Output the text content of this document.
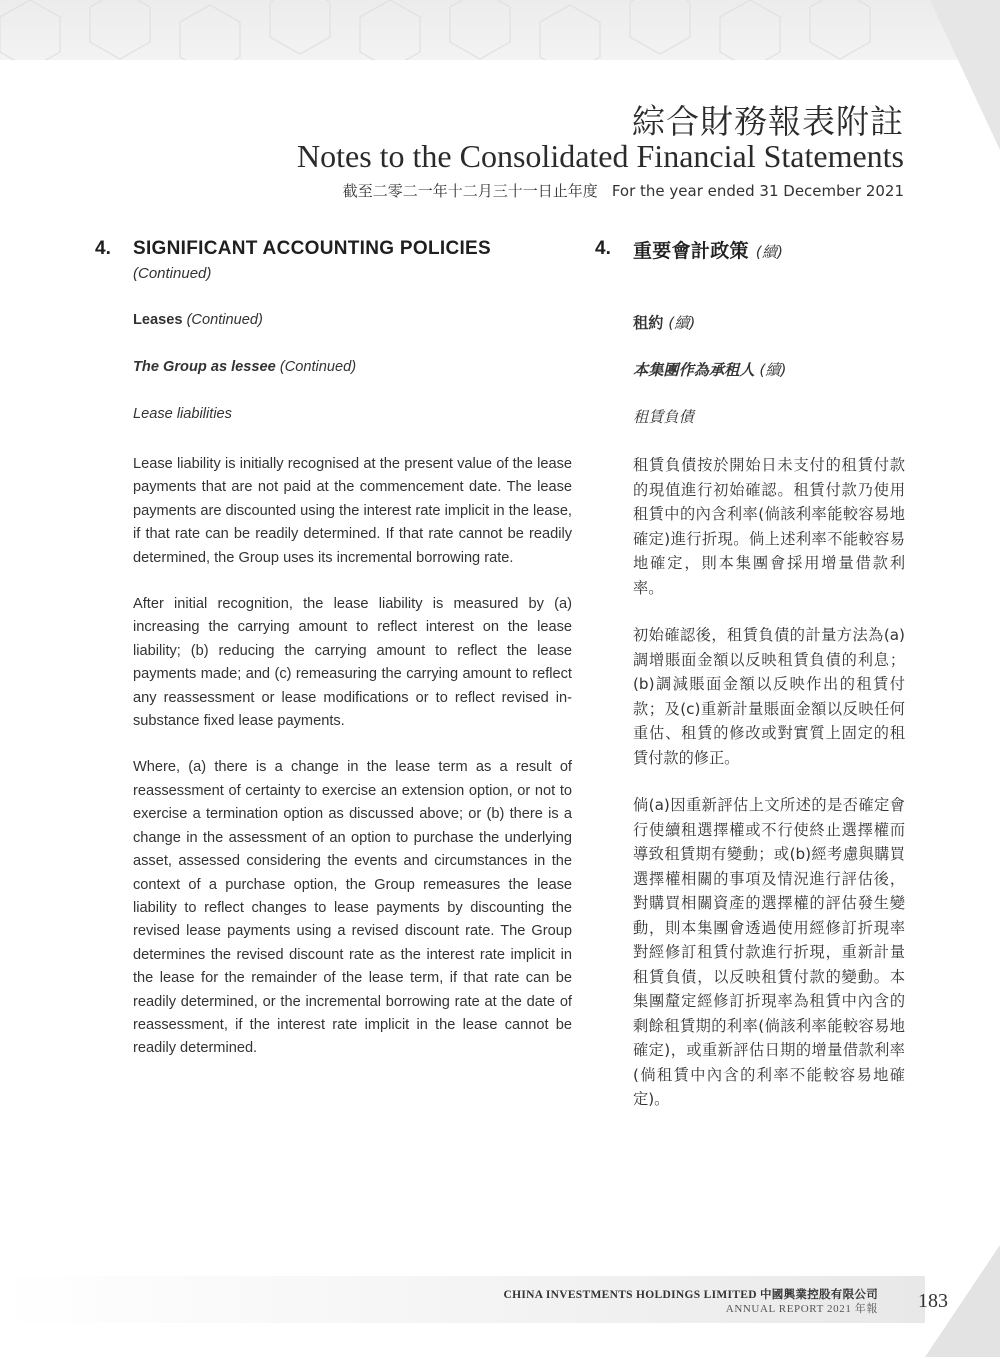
綜合財務報表附註
Notes to the Consolidated Financial Statements
截至二零二一年十二月三十一日止年度 For the year ended 31 December 2021
4. SIGNIFICANT ACCOUNTING POLICIES
(Continued)
4. 重要會計政策 (續)
Leases (Continued)
The Group as lessee (Continued)
Lease liabilities

Lease liability is initially recognised at the present value of the lease payments that are not paid at the commencement date. The lease payments are discounted using the interest rate implicit in the lease, if that rate can be readily determined. If that rate cannot be readily determined, the Group uses its incremental borrowing rate.

After initial recognition, the lease liability is measured by (a) increasing the carrying amount to reflect interest on the lease liability; (b) reducing the carrying amount to reflect the lease payments made; and (c) remeasuring the carrying amount to reflect any reassessment or lease modifications or to reflect revised in-substance fixed lease payments.

Where, (a) there is a change in the lease term as a result of reassessment of certainty to exercise an extension option, or not to exercise a termination option as discussed above; or (b) there is a change in the assessment of an option to purchase the underlying asset, assessed considering the events and circumstances in the context of a purchase option, the Group remeasures the lease liability to reflect changes to lease payments by discounting the revised lease payments using a revised discount rate. The Group determines the revised discount rate as the interest rate implicit in the lease for the remainder of the lease term, if that rate can be readily determined, or the incremental borrowing rate at the date of reassessment, if the interest rate implicit in the lease cannot be readily determined.

租約 (續)
本集團作為承租人 (續)
租賃負債

租賃負債按於開始日未支付的租賃付款的現值進行初始確認。租賃付款乃使用租賃中的內含利率(倘該利率能較容易地確定)進行折現。倘上述利率不能較容易地確定，則本集團會採用增量借款利率。

初始確認後，租賃負債的計量方法為(a)調增賬面金額以反映租賃負債的利息；(b)調減賬面金額以反映作出的租賃付款；及(c)重新計量賬面金額以反映任何重估、租賃的修改或對實質上固定的租賃付款的修正。

倘(a)因重新評估上文所述的是否確定會行使續租選擇權或不行使終止選擇權而導致租賃期有變動；或(b)經考慮與購買選擇權相關的事項及情況進行評估後，對購買相關資產的選擇權的評估發生變動，則本集團會透過使用經修訂折現率對經修訂租賃付款進行折現，重新計量租賃負債，以反映租賃付款的變動。本集團釐定經修訂折現率為租賃中內含的剩餘租賃期的利率(倘該利率能較容易地確定)，或重新評估日期的增量借款利率(倘租賃中內含的利率不能較容易地確定)。

CHINA INVESTMENTS HOLDINGS LIMITED 中國興業控股有限公司
ANNUAL REPORT 2021 年報 183
